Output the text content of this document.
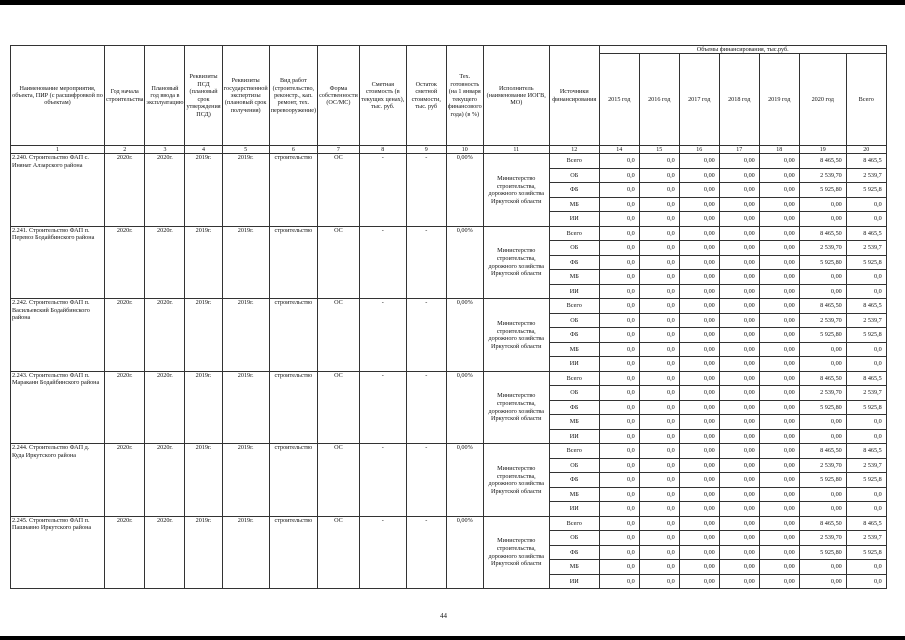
Наименование мероприятия, объекта, ПИР (с расшифровкой по объектам)	Год начала строительства	Плановый год ввода в эксплуатацию	Реквизиты ПСД (плановый срок утверждения ПСД)	Реквизиты государственной экспертизы (плановый срок получения)	Вид работ (строительство, реконстр., кап. ремонт, тех. перевооружение)	Форма собственности (ОС/МС)	Сметная стоимость (в текущих ценах), тыс. руб.	Остаток сметной стоимости, тыс. руб	Тех. готовность (на 1 января текущего финансового года) (в %)	Исполнитель (наименование ИОГВ, МО)	Источники финансирования	Объемы финансирования, тыс.руб.						
												2015 год	2016 год	2017 год	2018 год	2019 год	2020 год	Всего
1	2	3	4	5	6	7	8	9	10	11	12	14	15	16	17	18	19	20
2.240. Строительство ФАП с. Инянат Алзарского района	2020г.	2020г.	2019г.	2019г.	строительство	ОС	-	-	0,00%	Министерство строительства, дорожного хозяйства Иркутской области	Всего	0,0	0,0	0,00	0,00	0,00	8 465,50	8 465,5
											ОБ	0,0	0,0	0,00	0,00	0,00	2 539,70	2 539,7
											ФБ	0,0	0,0	0,00	0,00	0,00	5 925,80	5 925,8
											МБ	0,0	0,0	0,00	0,00	0,00	0,00	0,0
											ИИ	0,0	0,0	0,00	0,00	0,00	0,00	0,0
2.241. Строительство ФАП п. Перевоз Бодайбинского района	2020г.	2020г.	2019г.	2019г.	строительство	ОС	-	-	0,00%	Министерство строительства, дорожного хозяйства Иркутской области	Всего	0,0	0,0	0,00	0,00	0,00	8 465,50	8 465,5
											ОБ	0,0	0,0	0,00	0,00	0,00	2 539,70	2 539,7
											ФБ	0,0	0,0	0,00	0,00	0,00	5 925,80	5 925,8
											МБ	0,0	0,0	0,00	0,00	0,00	0,00	0,0
											ИИ	0,0	0,0	0,00	0,00	0,00	0,00	0,0
2.242. Строительство ФАП п. Васильевский Бодайбинского района	2020г.	2020г.	2019г.	2019г.	строительство	ОС	-	-	0,00%	Министерство строительства, дорожного хозяйства Иркутской области	Всего	0,0	0,0	0,00	0,00	0,00	8 465,50	8 465,5
											ОБ	0,0	0,0	0,00	0,00	0,00	2 539,70	2 539,7
											ФБ	0,0	0,0	0,00	0,00	0,00	5 925,80	5 925,8
											МБ	0,0	0,0	0,00	0,00	0,00	0,00	0,0
											ИИ	0,0	0,0	0,00	0,00	0,00	0,00	0,0
2.243. Строительство ФАП п. Мараканн Бодайбинского района	2020г.	2020г.	2019г.	2019г.	строительство	ОС	-	-	0,00%	Министерство строительства, дорожного хозяйства Иркутской области	Всего	0,0	0,0	0,00	0,00	0,00	8 465,50	8 465,5
											ОБ	0,0	0,0	0,00	0,00	0,00	2 539,70	2 539,7
											ФБ	0,0	0,0	0,00	0,00	0,00	5 925,80	5 925,8
											МБ	0,0	0,0	0,00	0,00	0,00	0,00	0,0
											ИИ	0,0	0,0	0,00	0,00	0,00	0,00	0,0
2.244. Строительство ФАП д. Куда Иркутского района	2020г.	2020г.	2019г.	2019г.	строительство	ОС	-	-	0,00%	Министерство строительства, дорожного хозяйства Иркутской области	Всего	0,0	0,0	0,00	0,00	0,00	8 465,50	8 465,5
											ОБ	0,0	0,0	0,00	0,00	0,00	2 539,70	2 539,7
											ФБ	0,0	0,0	0,00	0,00	0,00	5 925,80	5 925,8
											МБ	0,0	0,0	0,00	0,00	0,00	0,00	0,0
											ИИ	0,0	0,0	0,00	0,00	0,00	0,00	0,0
2.245. Строительство ФАП п. Пашнавно Иркутского района	2020г.	2020г.	2019г.	2019г.	строительство	ОС	-	-	0,00%	Министерство строительства, дорожного хозяйства Иркутской области	Всего	0,0	0,0	0,00	0,00	0,00	8 465,50	8 465,5
											ОБ	0,0	0,0	0,00	0,00	0,00	2 539,70	2 539,7
											ФБ	0,0	0,0	0,00	0,00	0,00	5 925,80	5 925,8
											МБ	0,0	0,0	0,00	0,00	0,00	0,00	0,0
											ИИ	0,0	0,0	0,00	0,00	0,00	0,00	0,0
44
